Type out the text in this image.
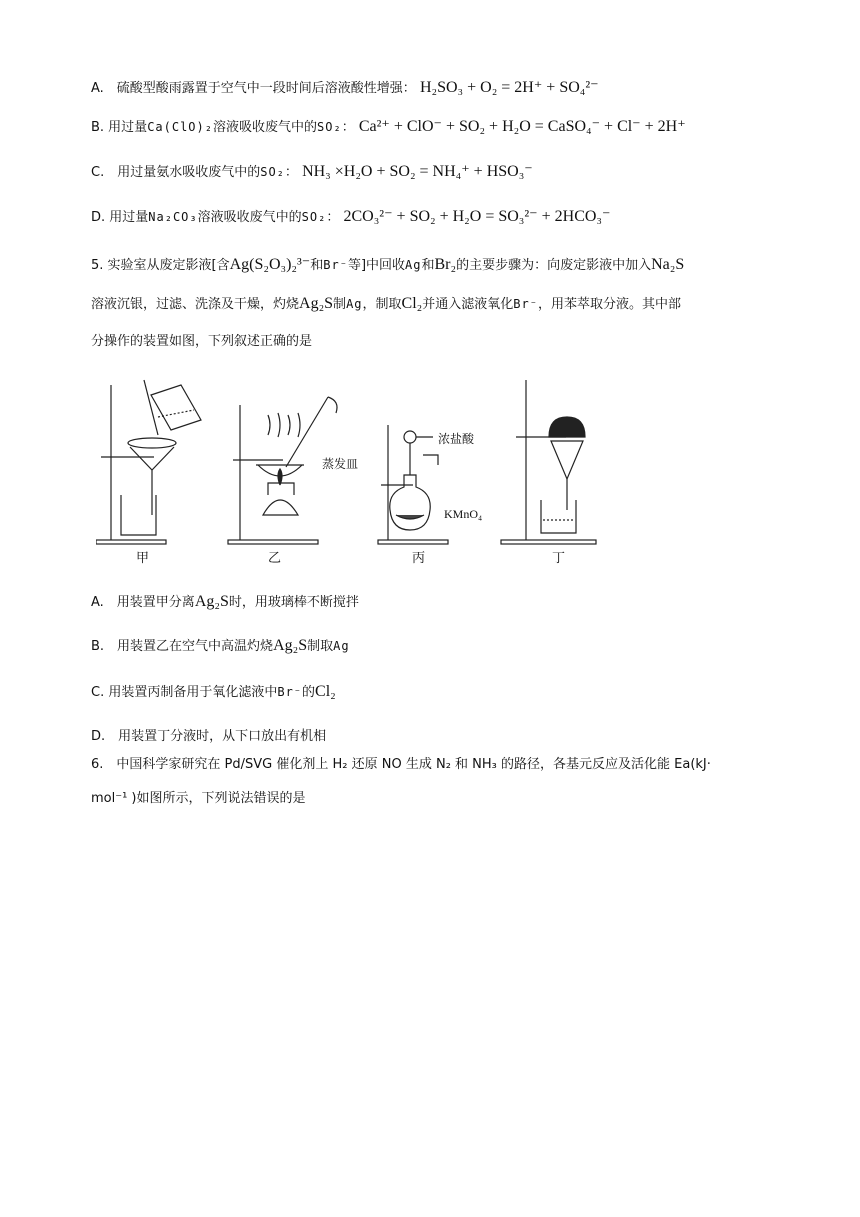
A.　硫酸型酸雨露置于空气中一段时间后溶液酸性增强： H₂SO₃ + O₂ = 2H⁺ + SO₄²⁻
B. 用过量Ca(ClO)₂溶液吸收废气中的SO₂： Ca²⁺ + ClO⁻ + SO₂ + H₂O = CaSO₄⁻ + Cl⁻ + 2H⁺
C.　用过量氨水吸收废气中的SO₂： NH₃ ×H₂O + SO₂ = NH₄⁺ + HSO₃⁻
D. 用过量Na₂CO₃溶液吸收废气中的SO₂： 2CO₃²⁻ + SO₂ + H₂O = SO₃²⁻ + 2HCO₃⁻
5. 实验室从废定影液[含Ag(S₂O₃)₂³⁻和Br⁻等]中回收Ag和Br₂的主要步骤为：向废定影液中加入Na₂S
溶液沉银，过滤、洗涤及干燥，灼烧Ag₂S制Ag，制取Cl₂并通入滤液氧化Br⁻，用苯萃取分液。其中部
分操作的装置如图，下列叙述正确的是
蒸发皿
浓盐酸
KMnO₄
甲	乙	丙	丁
A.　用装置甲分离Ag₂S时，用玻璃棒不断搅拌
B.　用装置乙在空气中高温灼烧Ag₂S制取Ag
C. 用装置丙制备用于氧化滤液中Br⁻的Cl₂
D.　用装置丁分液时，从下口放出有机相
6.　中国科学家研究在 Pd/SVG 催化剂上 H₂ 还原 NO 生成 N₂ 和 NH₃ 的路径，各基元反应及活化能 Ea(kJ·
mol⁻¹ )如图所示，下列说法错误的是
